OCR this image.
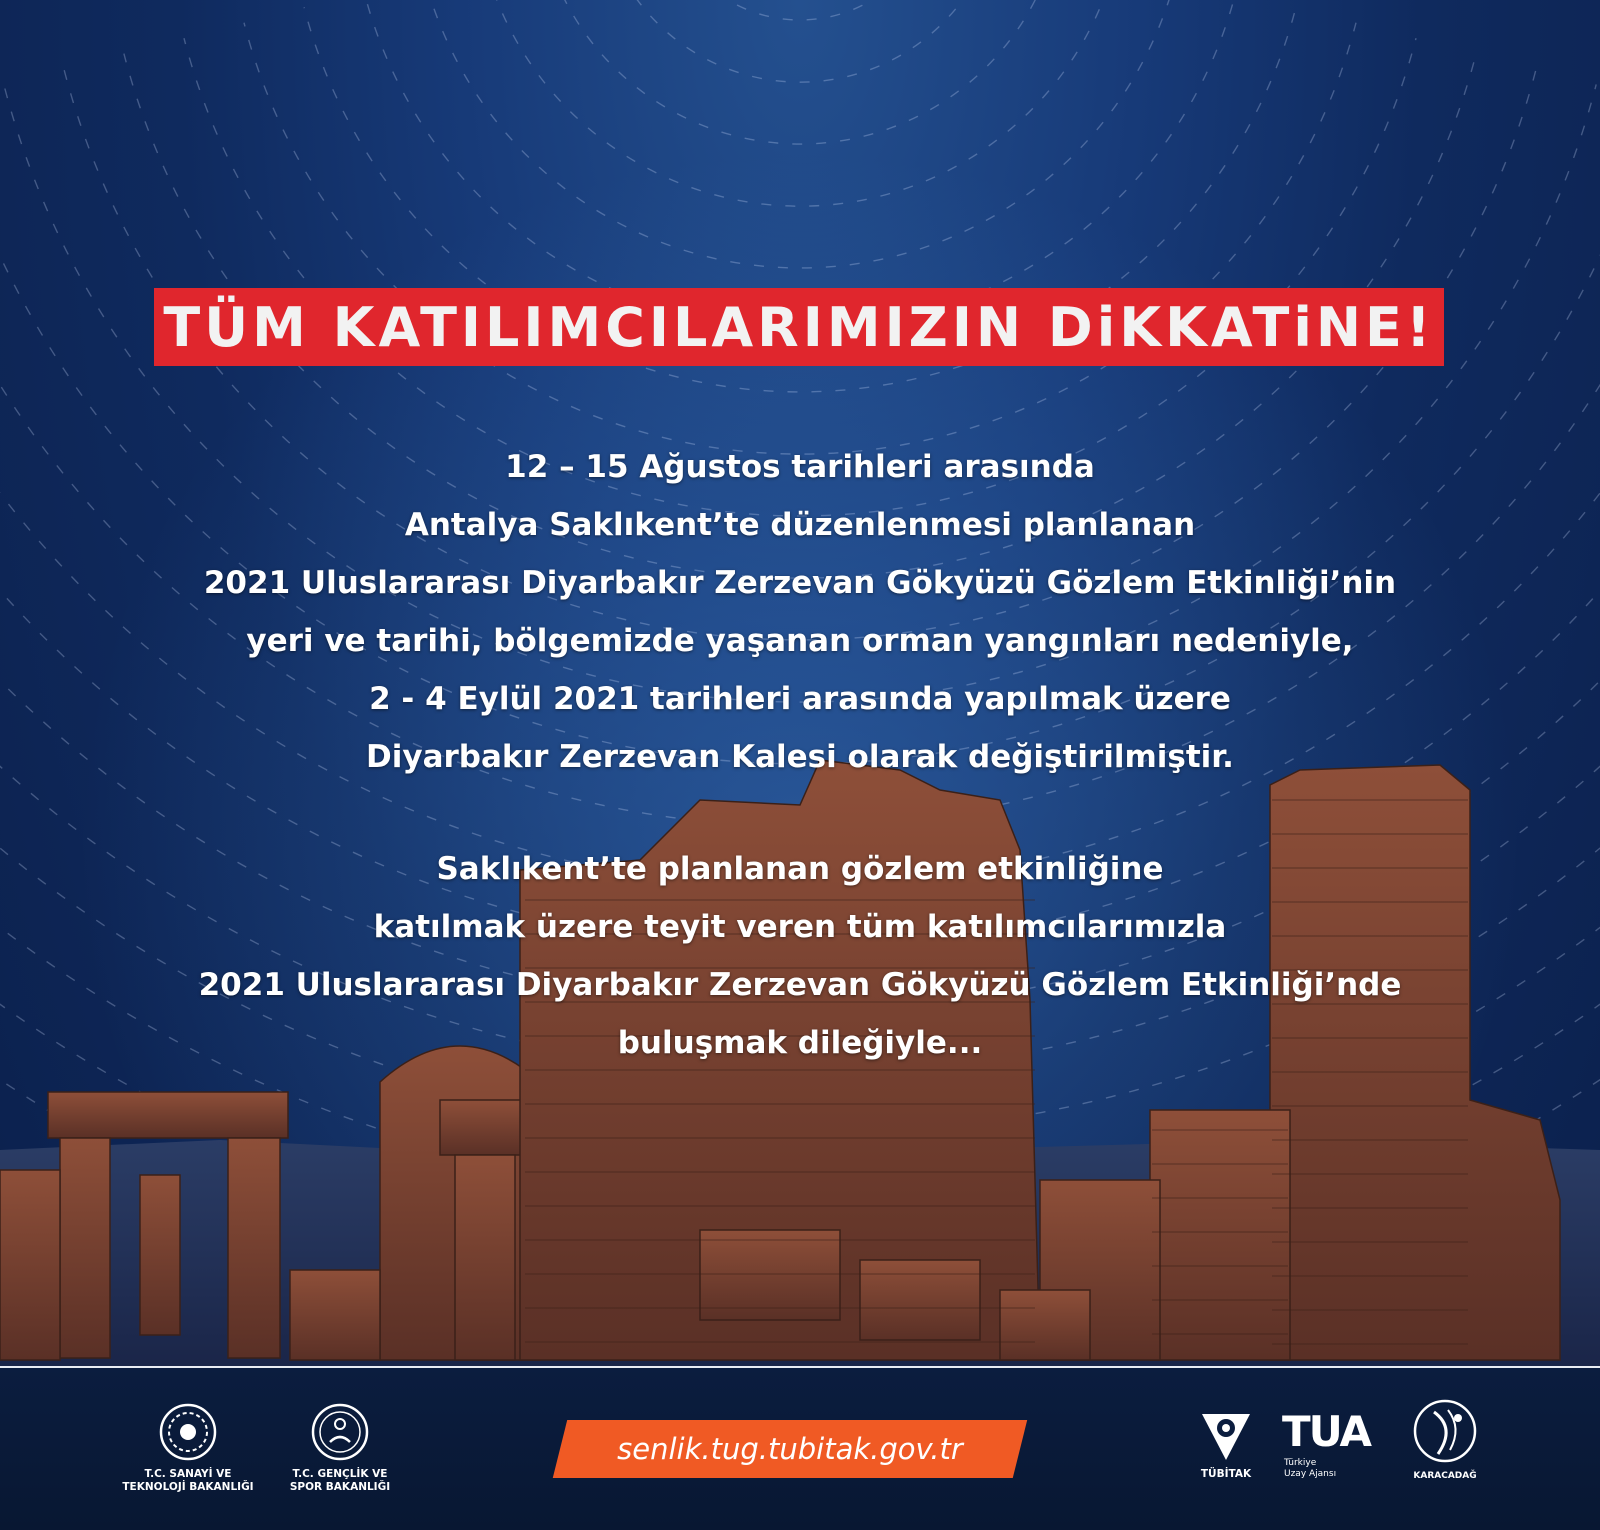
TÜM KATILIMCILARIMIZIN DiKKATiNE!
12 – 15 Ağustos tarihleri arasında
Antalya Saklıkent’te düzenlenmesi planlanan
2021 Uluslararası Diyarbakır Zerzevan Gökyüzü Gözlem Etkinliği’nin
yeri ve tarihi, bölgemizde yaşanan orman yangınları nedeniyle,
2 - 4 Eylül 2021 tarihleri arasında yapılmak üzere
Diyarbakır Zerzevan Kalesi olarak değiştirilmiştir.
Saklıkent’te planlanan gözlem etkinliğine
katılmak üzere teyit veren tüm katılımcılarımızla
2021 Uluslararası Diyarbakır Zerzevan Gökyüzü Gözlem Etkinliği’nde
buluşmak dileğiyle...
T.C. SANAYİ VE
TEKNOLOJİ BAKANLIĞI
T.C. GENÇLİK VE
SPOR BAKANLIĞI
senlik.tug.tubitak.gov.tr
TÜBİTAK
TUA
Türkiye
Uzay Ajansı	KARACADAĞ
